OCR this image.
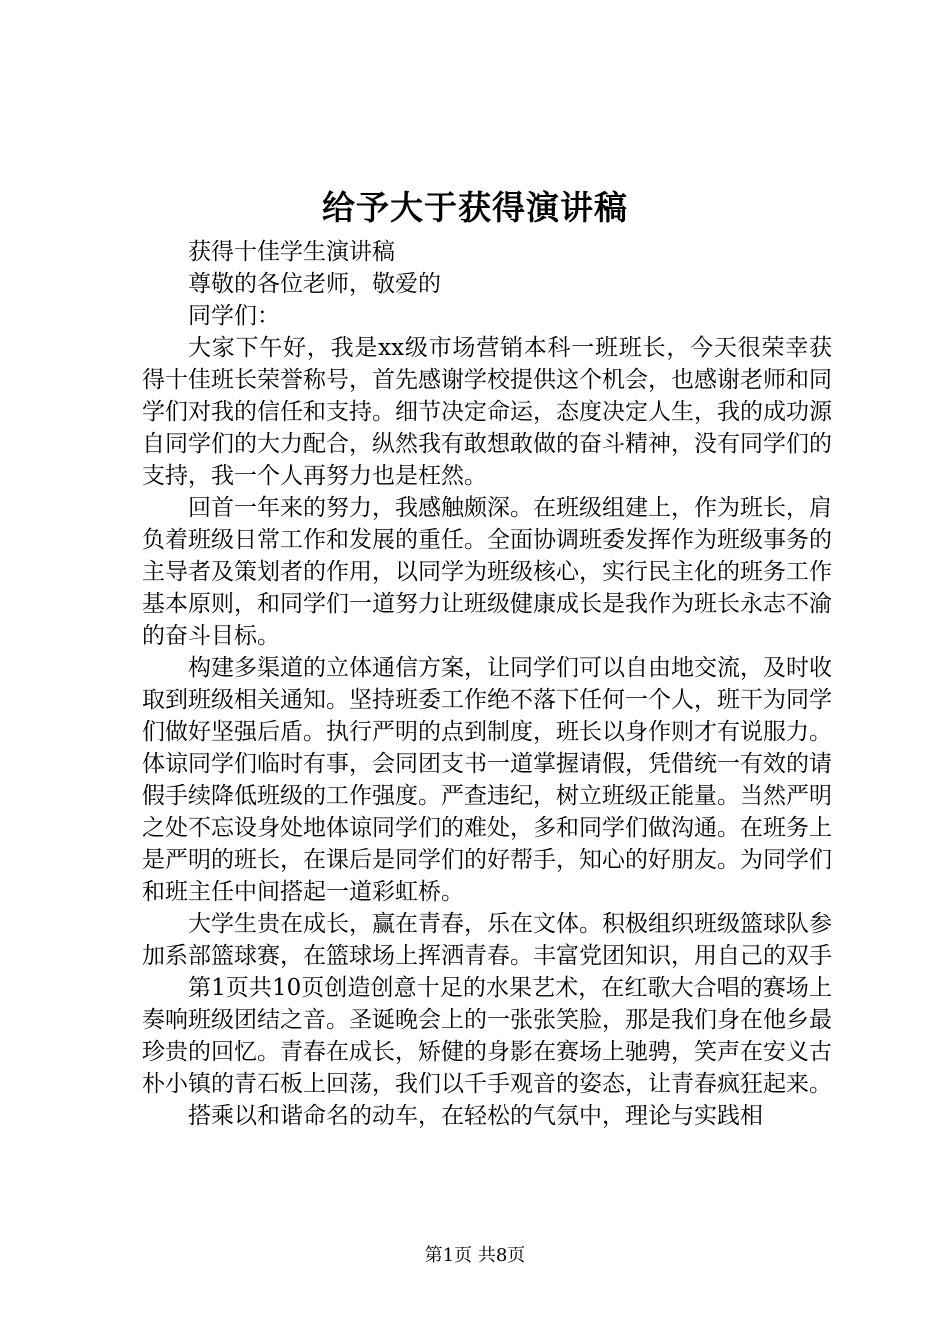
给予大于获得演讲稿

获得十佳学生演讲稿

尊敬的各位老师，敬爱的

同学们：

大家下午好，我是xx级市场营销本科一班班长，今天很荣幸获得十佳班长荣誉称号，首先感谢学校提供这个机会，也感谢老师和同学们对我的信任和支持。细节决定命运，态度决定人生，我的成功源自同学们的大力配合，纵然我有敢想敢做的奋斗精神，没有同学们的支持，我一个人再努力也是枉然。

回首一年来的努力，我感触颇深。在班级组建上，作为班长，肩负着班级日常工作和发展的重任。全面协调班委发挥作为班级事务的主导者及策划者的作用，以同学为班级核心，实行民主化的班务工作基本原则，和同学们一道努力让班级健康成长是我作为班长永志不渝的奋斗目标。

构建多渠道的立体通信方案，让同学们可以自由地交流，及时收取到班级相关通知。坚持班委工作绝不落下任何一个人，班干为同学们做好坚强后盾。执行严明的点到制度，班长以身作则才有说服力。体谅同学们临时有事，会同团支书一道掌握请假，凭借统一有效的请假手续降低班级的工作强度。严查违纪，树立班级正能量。当然严明之处不忘设身处地体谅同学们的难处，多和同学们做沟通。在班务上是严明的班长，在课后是同学们的好帮手，知心的好朋友。为同学们和班主任中间搭起一道彩虹桥。

大学生贵在成长，赢在青春，乐在文体。积极组织班级篮球队参加系部篮球赛，在篮球场上挥洒青春。丰富党团知识，用自己的双手

第1页共10页创造创意十足的水果艺术，在红歌大合唱的赛场上奏响班级团结之音。圣诞晚会上的一张张笑脸，那是我们身在他乡最珍贵的回忆。青春在成长，矫健的身影在赛场上驰骋，笑声在安义古朴小镇的青石板上回荡，我们以千手观音的姿态，让青春疯狂起来。

搭乘以和谐命名的动车，在轻松的气氛中，理论与实践相

第1页 共8页
